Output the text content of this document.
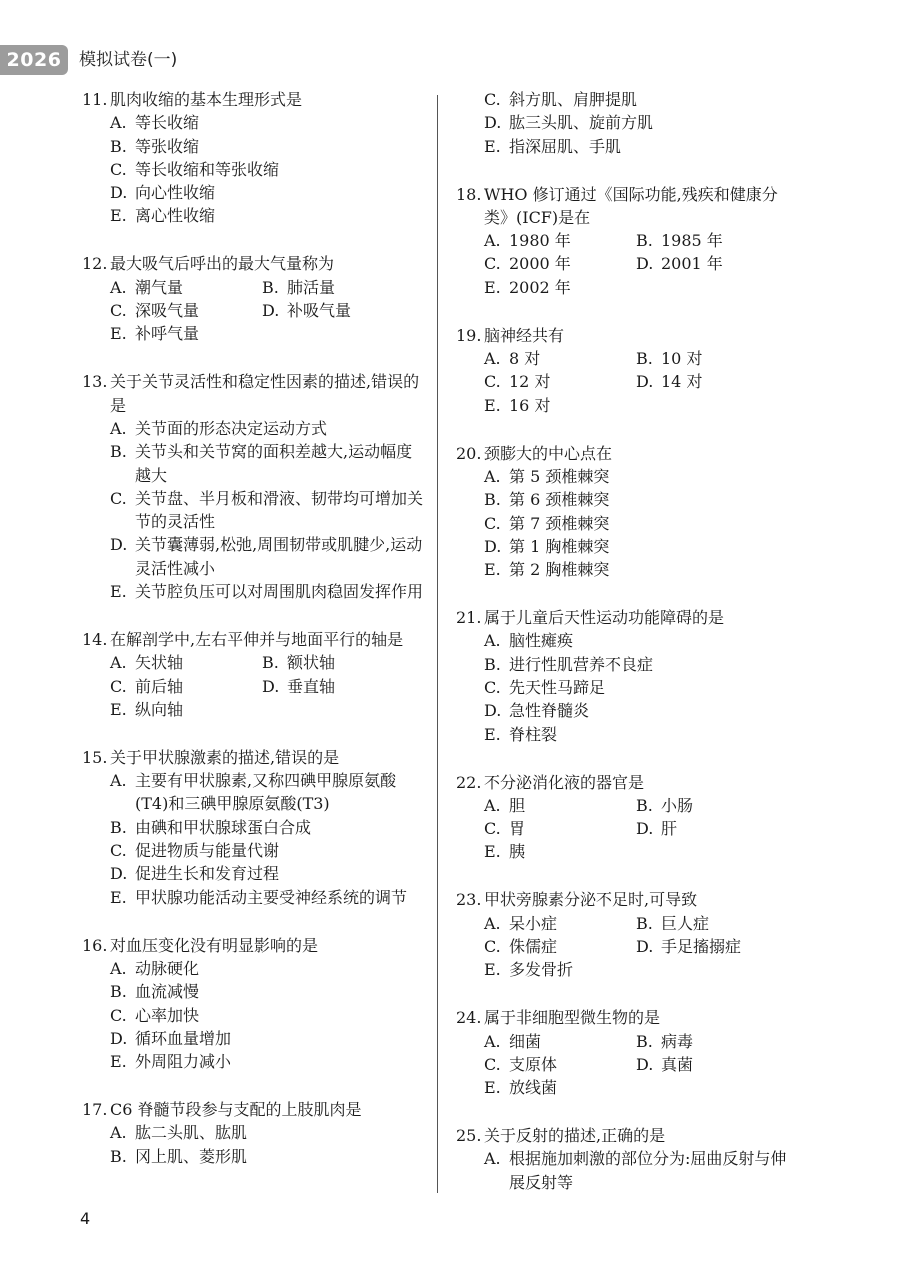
2026	模拟试卷(一)
11. 肌肉收缩的基本生理形式是
A. 等长收缩
B. 等张收缩
C. 等长收缩和等张收缩
D. 向心性收缩
E. 离心性收缩
12. 最大吸气后呼出的最大气量称为
A. 潮气量	B. 肺活量
C. 深吸气量	D. 补吸气量
E. 补呼气量
13. 关于关节灵活性和稳定性因素的描述,错误的是
A. 关节面的形态决定运动方式
B. 关节头和关节窝的面积差越大,运动幅度越大
C. 关节盘、半月板和滑液、韧带均可增加关节的灵活性
D. 关节囊薄弱,松弛,周围韧带或肌腱少,运动灵活性减小
E. 关节腔负压可以对周围肌肉稳固发挥作用
14. 在解剖学中,左右平伸并与地面平行的轴是
A. 矢状轴	B. 额状轴
C. 前后轴	D. 垂直轴
E. 纵向轴
15. 关于甲状腺激素的描述,错误的是
A. 主要有甲状腺素,又称四碘甲腺原氨酸(T4)和三碘甲腺原氨酸(T3)
B. 由碘和甲状腺球蛋白合成
C. 促进物质与能量代谢
D. 促进生长和发育过程
E. 甲状腺功能活动主要受神经系统的调节
16. 对血压变化没有明显影响的是
A. 动脉硬化
B. 血流减慢
C. 心率加快
D. 循环血量增加
E. 外周阻力减小
17. C6 脊髓节段参与支配的上肢肌肉是
A. 肱二头肌、肱肌
B. 冈上肌、菱形肌
C. 斜方肌、肩胛提肌
D. 肱三头肌、旋前方肌
E. 指深屈肌、手肌
18. WHO 修订通过《国际功能,残疾和健康分类》(ICF)是在
A. 1980 年	B. 1985 年
C. 2000 年	D. 2001 年
E. 2002 年
19. 脑神经共有
A. 8 对	B. 10 对
C. 12 对	D. 14 对
E. 16 对
20. 颈膨大的中心点在
A. 第 5 颈椎棘突
B. 第 6 颈椎棘突
C. 第 7 颈椎棘突
D. 第 1 胸椎棘突
E. 第 2 胸椎棘突
21. 属于儿童后天性运动功能障碍的是
A. 脑性瘫痪
B. 进行性肌营养不良症
C. 先天性马蹄足
D. 急性脊髓炎
E. 脊柱裂
22. 不分泌消化液的器官是
A. 胆	B. 小肠
C. 胃	D. 肝
E. 胰
23. 甲状旁腺素分泌不足时,可导致
A. 呆小症	B. 巨人症
C. 侏儒症	D. 手足搐搦症
E. 多发骨折
24. 属于非细胞型微生物的是
A. 细菌	B. 病毒
C. 支原体	D. 真菌
E. 放线菌
25. 关于反射的描述,正确的是
A. 根据施加刺激的部位分为:屈曲反射与伸展反射等
4
